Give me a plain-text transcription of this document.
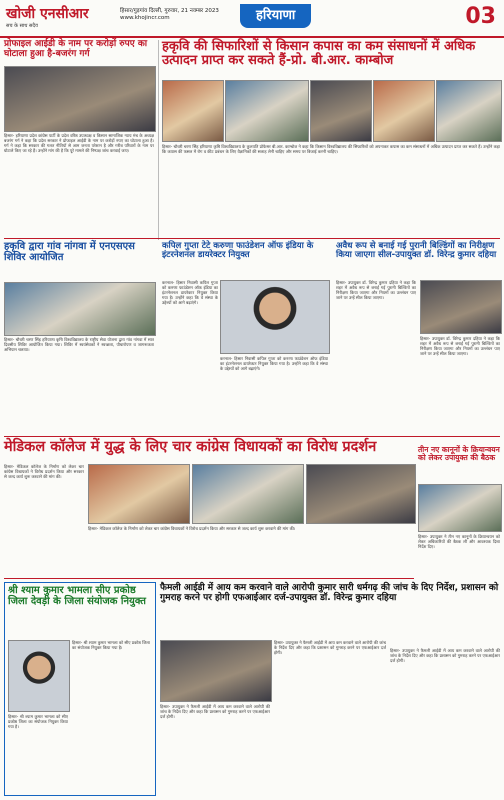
खोजी एनसीआर
सच के साथ सदैव
हिसार/गुड़गांव दिल्ली, गुरुवार, 21 नवम्बर 2023
www.khojincr.com	हरियाणा	03
प्रोफाइल आईडी के नाम पर करोड़ों रुपए का घोटाला हुआ है-बजरंग गर्ग
हिसार- हरियाणा प्रदेश कांग्रेस पार्टी के प्रदेश वरिष्ठ उपाध्यक्ष व किसान सामाजिक न्याय मंच के अध्यक्ष बजरंग गर्ग ने कहा कि प्रदेश सरकार ने प्रोफाइल आईडी के नाम पर करोड़ों रुपए का घोटाला हुआ है। गर्ग ने कहा कि सरकार की गलत नीतियों से आम जनता परेशान है और गरीब परिवारों के नाम पर घोटाले किए जा रहे हैं। उन्होंने मांग की है कि पूरे मामले की निष्पक्ष जांच करवाई जाए।
हकृवि की सिफारिशों से किसान कपास का कम संसाधनों में अधिक उत्पादन प्राप्त कर सकते हैं-प्रो. बी.आर. काम्बोज
हिसार- चौधरी चरण सिंह हरियाणा कृषि विश्वविद्यालय के कुलपति प्रोफेसर बी.आर. काम्बोज ने कहा कि किसान विश्वविद्यालय की सिफारिशों को अपनाकर कपास का कम संसाधनों में अधिक उत्पादन प्राप्त कर सकते हैं। उन्होंने कहा कि कपास की फसल में रोग व कीट प्रबंधन के लिए वैज्ञानिकों की सलाह लेनी चाहिए और समय पर बिजाई करनी चाहिए।
हकृवि द्वारा गांव नांगवा में एनएसएस शिविर आयोजित
हिसार- चौधरी चरण सिंह हरियाणा कृषि विश्वविद्यालय के राष्ट्रीय सेवा योजना द्वारा गांव नांगवा में सात दिवसीय शिविर आयोजित किया गया। शिविर में स्वयंसेवकों ने स्वच्छता, पौधारोपण व जागरूकता अभियान चलाया।
कपिल गुप्ता टेटे करुणा फाउंडेशन ऑफ इंडिया के इंटरनेशनल डायरेक्टर नियुक्त
करनाल- हिसार निवासी कपिल गुप्ता को करुणा फाउंडेशन ऑफ इंडिया का इंटरनेशनल डायरेक्टर नियुक्त किया गया है। उन्होंने कहा कि वे संस्था के उद्देश्यों को आगे बढ़ाएंगे।
करनाल- हिसार निवासी कपिल गुप्ता को करुणा फाउंडेशन ऑफ इंडिया का इंटरनेशनल डायरेक्टर नियुक्त किया गया है। उन्होंने कहा कि वे संस्था के उद्देश्यों को आगे बढ़ाएंगे।
अवैध रूप से बनाई गई पुरानी बिल्डिंगों का निरीक्षण किया जाएगा सील-उपायुक्त डॉ. विरेन्द्र कुमार दहिया
हिसार- उपायुक्त डॉ. विरेन्द्र कुमार दहिया ने कहा कि शहर में अवैध रूप से बनाई गई पुरानी बिल्डिंगों का निरीक्षण किया जाएगा और नियमों का उल्लंघन पाए जाने पर उन्हें सील किया जाएगा।
हिसार- उपायुक्त डॉ. विरेन्द्र कुमार दहिया ने कहा कि शहर में अवैध रूप से बनाई गई पुरानी बिल्डिंगों का निरीक्षण किया जाएगा और नियमों का उल्लंघन पाए जाने पर उन्हें सील किया जाएगा।
मेडिकल कॉलेज में युद्ध के लिए चार कांग्रेस विधायकों का विरोध प्रदर्शन
हिसार- मेडिकल कॉलेज के निर्माण को लेकर चार कांग्रेस विधायकों ने विरोध प्रदर्शन किया और सरकार से जल्द कार्य शुरू करवाने की मांग की।
हिसार- मेडिकल कॉलेज के निर्माण को लेकर चार कांग्रेस विधायकों ने विरोध प्रदर्शन किया और सरकार से जल्द कार्य शुरू करवाने की मांग की।
तीन नए कानूनों के क्रियान्वयन को लेकर उपायुक्त की बैठक
हिसार- उपायुक्त ने तीन नए कानूनों के क्रियान्वयन को लेकर अधिकारियों की बैठक ली और आवश्यक दिशा निर्देश दिए।
श्री श्याम कुमार भामला सीए प्रकोष्ठ जिला देवड़ी के जिला संयोजक नियुक्त
हिसार- श्री श्याम कुमार भामला को सीए प्रकोष्ठ जिला का संयोजक नियुक्त किया गया है।
हिसार- श्री श्याम कुमार भामला को सीए प्रकोष्ठ जिला का संयोजक नियुक्त किया गया है।
फैमली आईडी में आय कम करवाने वाले आरोपी कुमार सारी धर्मगढ़ की जांच के दिए निर्देश, प्रशासन को गुमराह करने पर होगी एफआईआर दर्ज-उपायुक्त डॉ. विरेन्द्र कुमार दहिया
हिसार- उपायुक्त ने फैमली आईडी में आय कम करवाने वाले आरोपी की जांच के निर्देश दिए और कहा कि प्रशासन को गुमराह करने पर एफआईआर दर्ज होगी।	हिसार- उपायुक्त ने फैमली आईडी में आय कम करवाने वाले आरोपी की जांच के निर्देश दिए और कहा कि प्रशासन को गुमराह करने पर एफआईआर दर्ज होगी।
हिसार- उपायुक्त ने फैमली आईडी में आय कम करवाने वाले आरोपी की जांच के निर्देश दिए और कहा कि प्रशासन को गुमराह करने पर एफआईआर दर्ज होगी।
